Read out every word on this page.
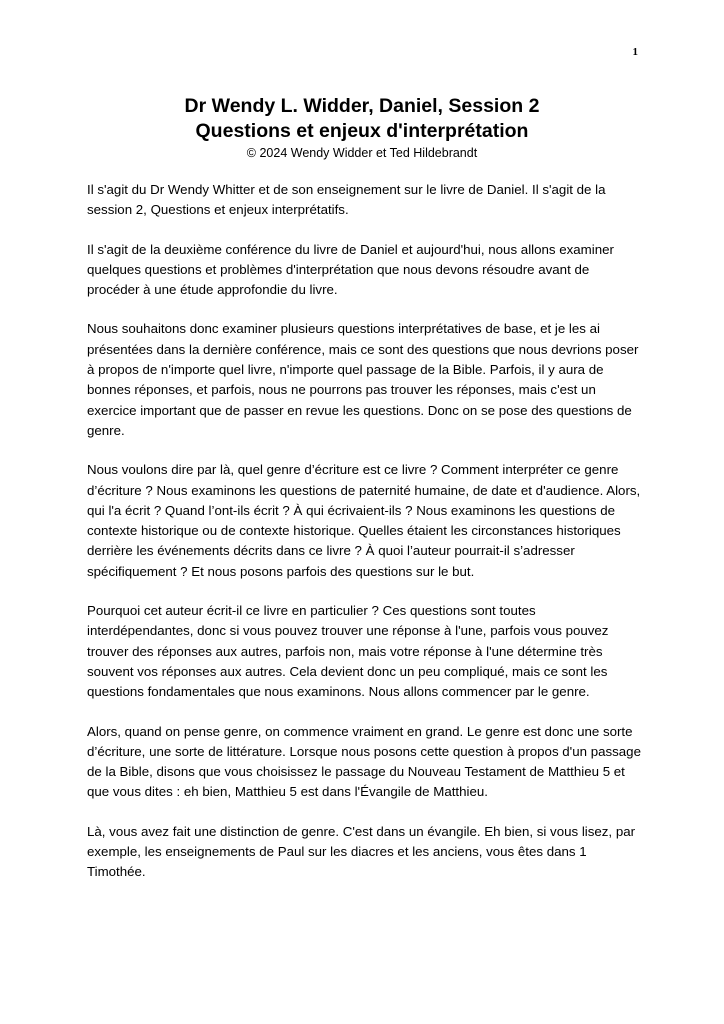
1

Dr Wendy L. Widder, Daniel, Session 2

Questions et enjeux d'interprétation

© 2024 Wendy Widder et Ted Hildebrandt

Il s'agit du Dr Wendy Whitter et de son enseignement sur le livre de Daniel. Il s'agit de la session 2, Questions et enjeux interprétatifs.

Il s'agit de la deuxième conférence du livre de Daniel et aujourd'hui, nous allons examiner quelques questions et problèmes d'interprétation que nous devons résoudre avant de procéder à une étude approfondie du livre.

Nous souhaitons donc examiner plusieurs questions interprétatives de base, et je les ai présentées dans la dernière conférence, mais ce sont des questions que nous devrions poser à propos de n'importe quel livre, n'importe quel passage de la Bible. Parfois, il y aura de bonnes réponses, et parfois, nous ne pourrons pas trouver les réponses, mais c'est un exercice important que de passer en revue les questions. Donc on se pose des questions de genre.

Nous voulons dire par là, quel genre d’écriture est ce livre ? Comment interpréter ce genre d’écriture ? Nous examinons les questions de paternité humaine, de date et d'audience. Alors, qui l'a écrit ? Quand l’ont-ils écrit ? À qui écrivaient-ils ? Nous examinons les questions de contexte historique ou de contexte historique. Quelles étaient les circonstances historiques derrière les événements décrits dans ce livre ? À quoi l’auteur pourrait-il s’adresser spécifiquement ? Et nous posons parfois des questions sur le but.

Pourquoi cet auteur écrit-il ce livre en particulier ? Ces questions sont toutes interdépendantes, donc si vous pouvez trouver une réponse à l'une, parfois vous pouvez trouver des réponses aux autres, parfois non, mais votre réponse à l'une détermine très souvent vos réponses aux autres. Cela devient donc un peu compliqué, mais ce sont les questions fondamentales que nous examinons. Nous allons commencer par le genre.

Alors, quand on pense genre, on commence vraiment en grand. Le genre est donc une sorte d’écriture, une sorte de littérature. Lorsque nous posons cette question à propos d'un passage de la Bible, disons que vous choisissez le passage du Nouveau Testament de Matthieu 5 et que vous dites : eh bien, Matthieu 5 est dans l'Évangile de Matthieu.

Là, vous avez fait une distinction de genre. C'est dans un évangile. Eh bien, si vous lisez, par exemple, les enseignements de Paul sur les diacres et les anciens, vous êtes dans 1 Timothée.
